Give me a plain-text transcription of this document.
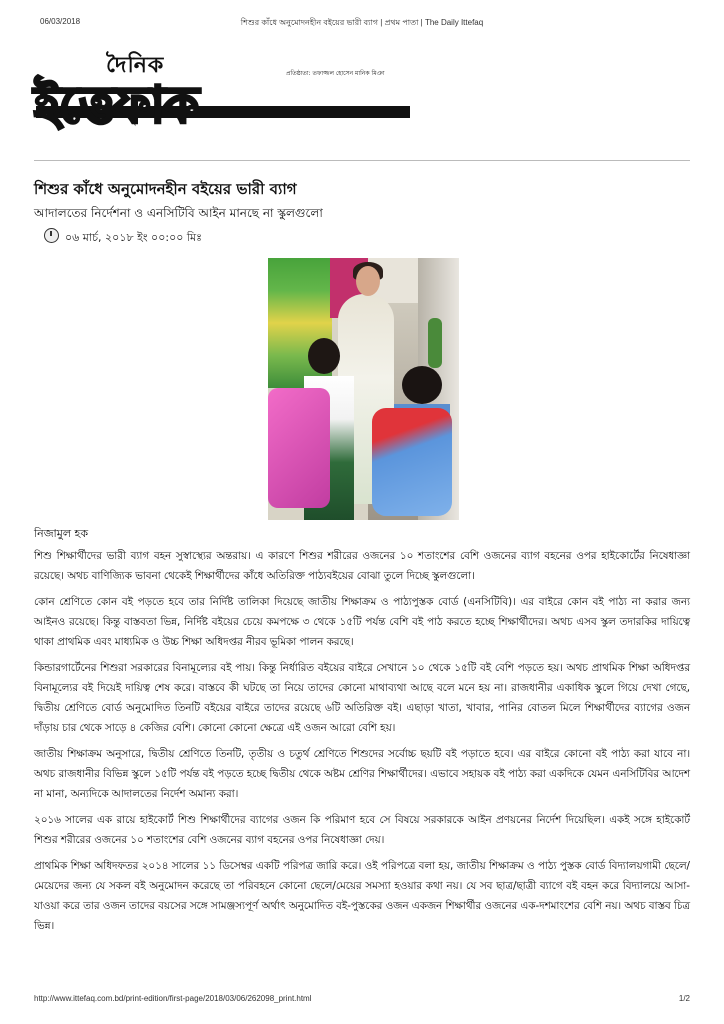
06/03/2018	শিশুর কাঁধে অনুমোদনহীন বইয়ের ভারী ব্যাগ | প্রথম পাতা | The Daily Ittefaq
দৈনিক	প্রতিষ্ঠাতা: তফাজ্জল হোসেন মানিক মিঞা
ইত্তেফাক
শিশুর কাঁধে অনুমোদনহীন বইয়ের ভারী ব্যাগ
আদালতের নির্দেশনা ও এনসিটিবি আইন মানছে না স্কুলগুলো
০৬ মার্চ, ২০১৮ ইং ০০:০০ মিঃ
নিজামুল হক

শিশু শিক্ষার্থীদের ভারী ব্যাগ বহন সুস্বাস্থ্যের অন্তরায়। এ কারণে শিশুর শরীরের ওজনের ১০ শতাংশের বেশি ওজনের ব্যাগ বহনের ওপর হাইকোর্টের নিষেধাজ্ঞা রয়েছে। অথচ বাণিজ্যিক ভাবনা থেকেই শিক্ষার্থীদের কাঁধে অতিরিক্ত পাঠ্যবইয়ের বোঝা তুলে দিচ্ছে স্কুলগুলো।

কোন শ্রেণিতে কোন বই পড়তে হবে তার নির্দিষ্ট তালিকা দিয়েছে জাতীয় শিক্ষাক্রম ও পাঠ্যপুস্তক বোর্ড (এনসিটিবি)। এর বাইরে কোন বই পাঠ্য না করার জন্য আইনও রয়েছে। কিন্তু বাস্তবতা ভিন্ন, নির্দিষ্ট বইয়ের চেয়ে কমপক্ষে ৩ থেকে ১৫টি পর্যন্ত বেশি বই পাঠ করতে হচ্ছে শিক্ষার্থীদের। অথচ এসব স্কুল তদারকির দায়িত্বে থাকা প্রাথমিক এবং মাধ্যমিক ও উচ্চ শিক্ষা অধিদপ্তর নীরব ভূমিকা পালন করছে।

কিন্ডারগার্টেনের শিশুরা সরকারের বিনামূল্যের বই পায়। কিন্তু নির্ধারিত বইয়ের বাইরে সেখানে ১০ থেকে ১৫টি বই বেশি পড়তে হয়। অথচ প্রাথমিক শিক্ষা অধিদপ্তর বিনামূল্যের বই দিয়েই দায়িত্ব শেষ করে। বাস্তবে কী ঘটছে তা নিয়ে তাদের কোনো মাথাব্যথা আছে বলে মনে হয় না। রাজধানীর একাধিক স্কুলে গিয়ে দেখা গেছে, দ্বিতীয় শ্রেণিতে বোর্ড অনুমোদিত তিনটি বইয়ের বাইরে তাদের রয়েছে ৬টি অতিরিক্ত বই। এছাড়া খাতা, খাবার, পানির বোতল মিলে শিক্ষার্থীদের ব্যাগের ওজন দাঁড়ায় চার থেকে সাড়ে ৪ কেজির বেশি। কোনো কোনো ক্ষেত্রে এই ওজন আরো বেশি হয়।

জাতীয় শিক্ষাক্রম অনুসারে, দ্বিতীয় শ্রেণিতে তিনটি, তৃতীয় ও চতুর্থ শ্রেণিতে শিশুদের সর্বোচ্চ ছয়টি বই পড়াতে হবে। এর বাইরে কোনো বই পাঠ্য করা যাবে না। অথচ রাজধানীর বিভিন্ন স্কুলে ১৫টি পর্যন্ত বই পড়তে হচ্ছে দ্বিতীয় থেকে অষ্টম শ্রেণির শিক্ষার্থীদের। এভাবে সহায়ক বই পাঠ্য করা একদিকে যেমন এনসিটিবির আদেশ না মানা, অন্যদিকে আদালতের নির্দেশ অমান্য করা।

২০১৬ সালের এক রায়ে হাইকোর্ট শিশু শিক্ষার্থীদের ব্যাগের ওজন কি পরিমাণ হবে সে বিষয়ে সরকারকে আইন প্রণয়নের নির্দেশ দিয়েছিল। একই সঙ্গে হাইকোর্ট শিশুর শরীরের ওজনের ১০ শতাংশের বেশি ওজনের ব্যাগ বহনের ওপর নিষেধাজ্ঞা দেয়।

প্রাথমিক শিক্ষা অধিদফতর ২০১৪ সালের ১১ ডিসেম্বর একটি পরিপত্র জারি করে। ওই পরিপত্রে বলা হয়, জাতীয় শিক্ষাক্রম ও পাঠ্য পুস্তক বোর্ড বিদ্যালয়গামী ছেলে/মেয়েদের জন্য যে সকল বই অনুমোদন করেছে তা পরিবহনে কোনো ছেলে/মেয়ের সমস্যা হওয়ার কথা নয়। যে সব ছাত্র/ছাত্রী ব্যাগে বই বহন করে বিদ্যালয়ে আসা-যাওয়া করে তার ওজন তাদের বয়সের সঙ্গে সামঞ্জস্যপূর্ণ অর্থাৎ অনুমোদিত বই-পুস্তকের ওজন একজন শিক্ষার্থীর ওজনের এক-দশমাংশের বেশি নয়। অথচ বাস্তব চিত্র ভিন্ন।

http://www.ittefaq.com.bd/print-edition/first-page/2018/03/06/262098_print.html	1/2
